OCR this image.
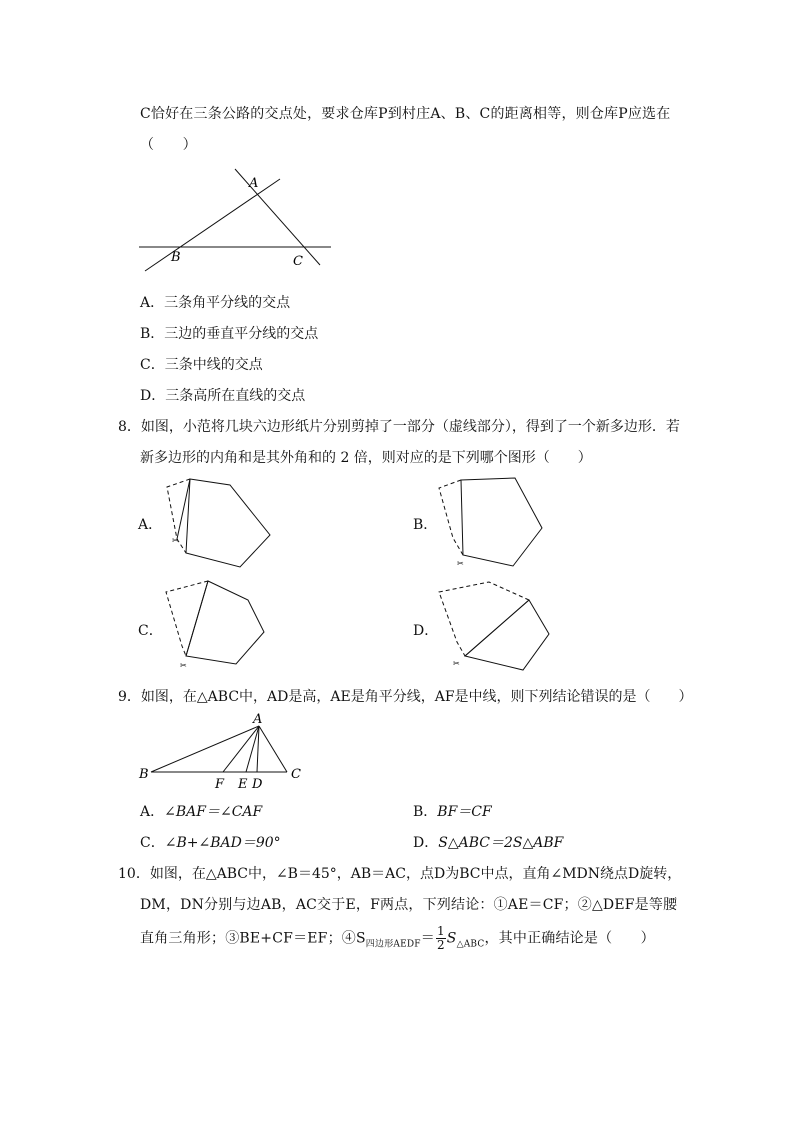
C恰好在三条公路的交点处，要求仓库P到村庄A、B、C的距离相等，则仓库P应选在
（　　）
A
B	C
A．三条角平分线的交点
B．三边的垂直平分线的交点
C．三条中线的交点
D．三条高所在直线的交点
8．如图，小范将几块六边形纸片分别剪掉了一部分（虚线部分），得到了一个新多边形．若
新多边形的内角和是其外角和的 2 倍，则对应的是下列哪个图形（　　）
A．
✂
B．
✂
C．
✂
D．
✂
9．如图，在△ABC中，AD是高，AE是角平分线，AF是中线，则下列结论错误的是（　　）
A
B	C
F E D
A．∠BAF＝∠CAF	B．BF＝CF
C．∠B+∠BAD＝90°	D．S△ABC＝2S△ABF
10．如图，在△ABC中，∠B＝45°，AB＝AC，点D为BC中点，直角∠MDN绕点D旋转，
DM，DN分别与边AB，AC交于E，F两点，下列结论：①AE＝CF；②△DEF是等腰
直角三角形；③BE+CF＝EF；$④S_{四边形AEDF}= \frac{1}{2} S_{\triangle ABC}$，其中正确结论是（　　）
